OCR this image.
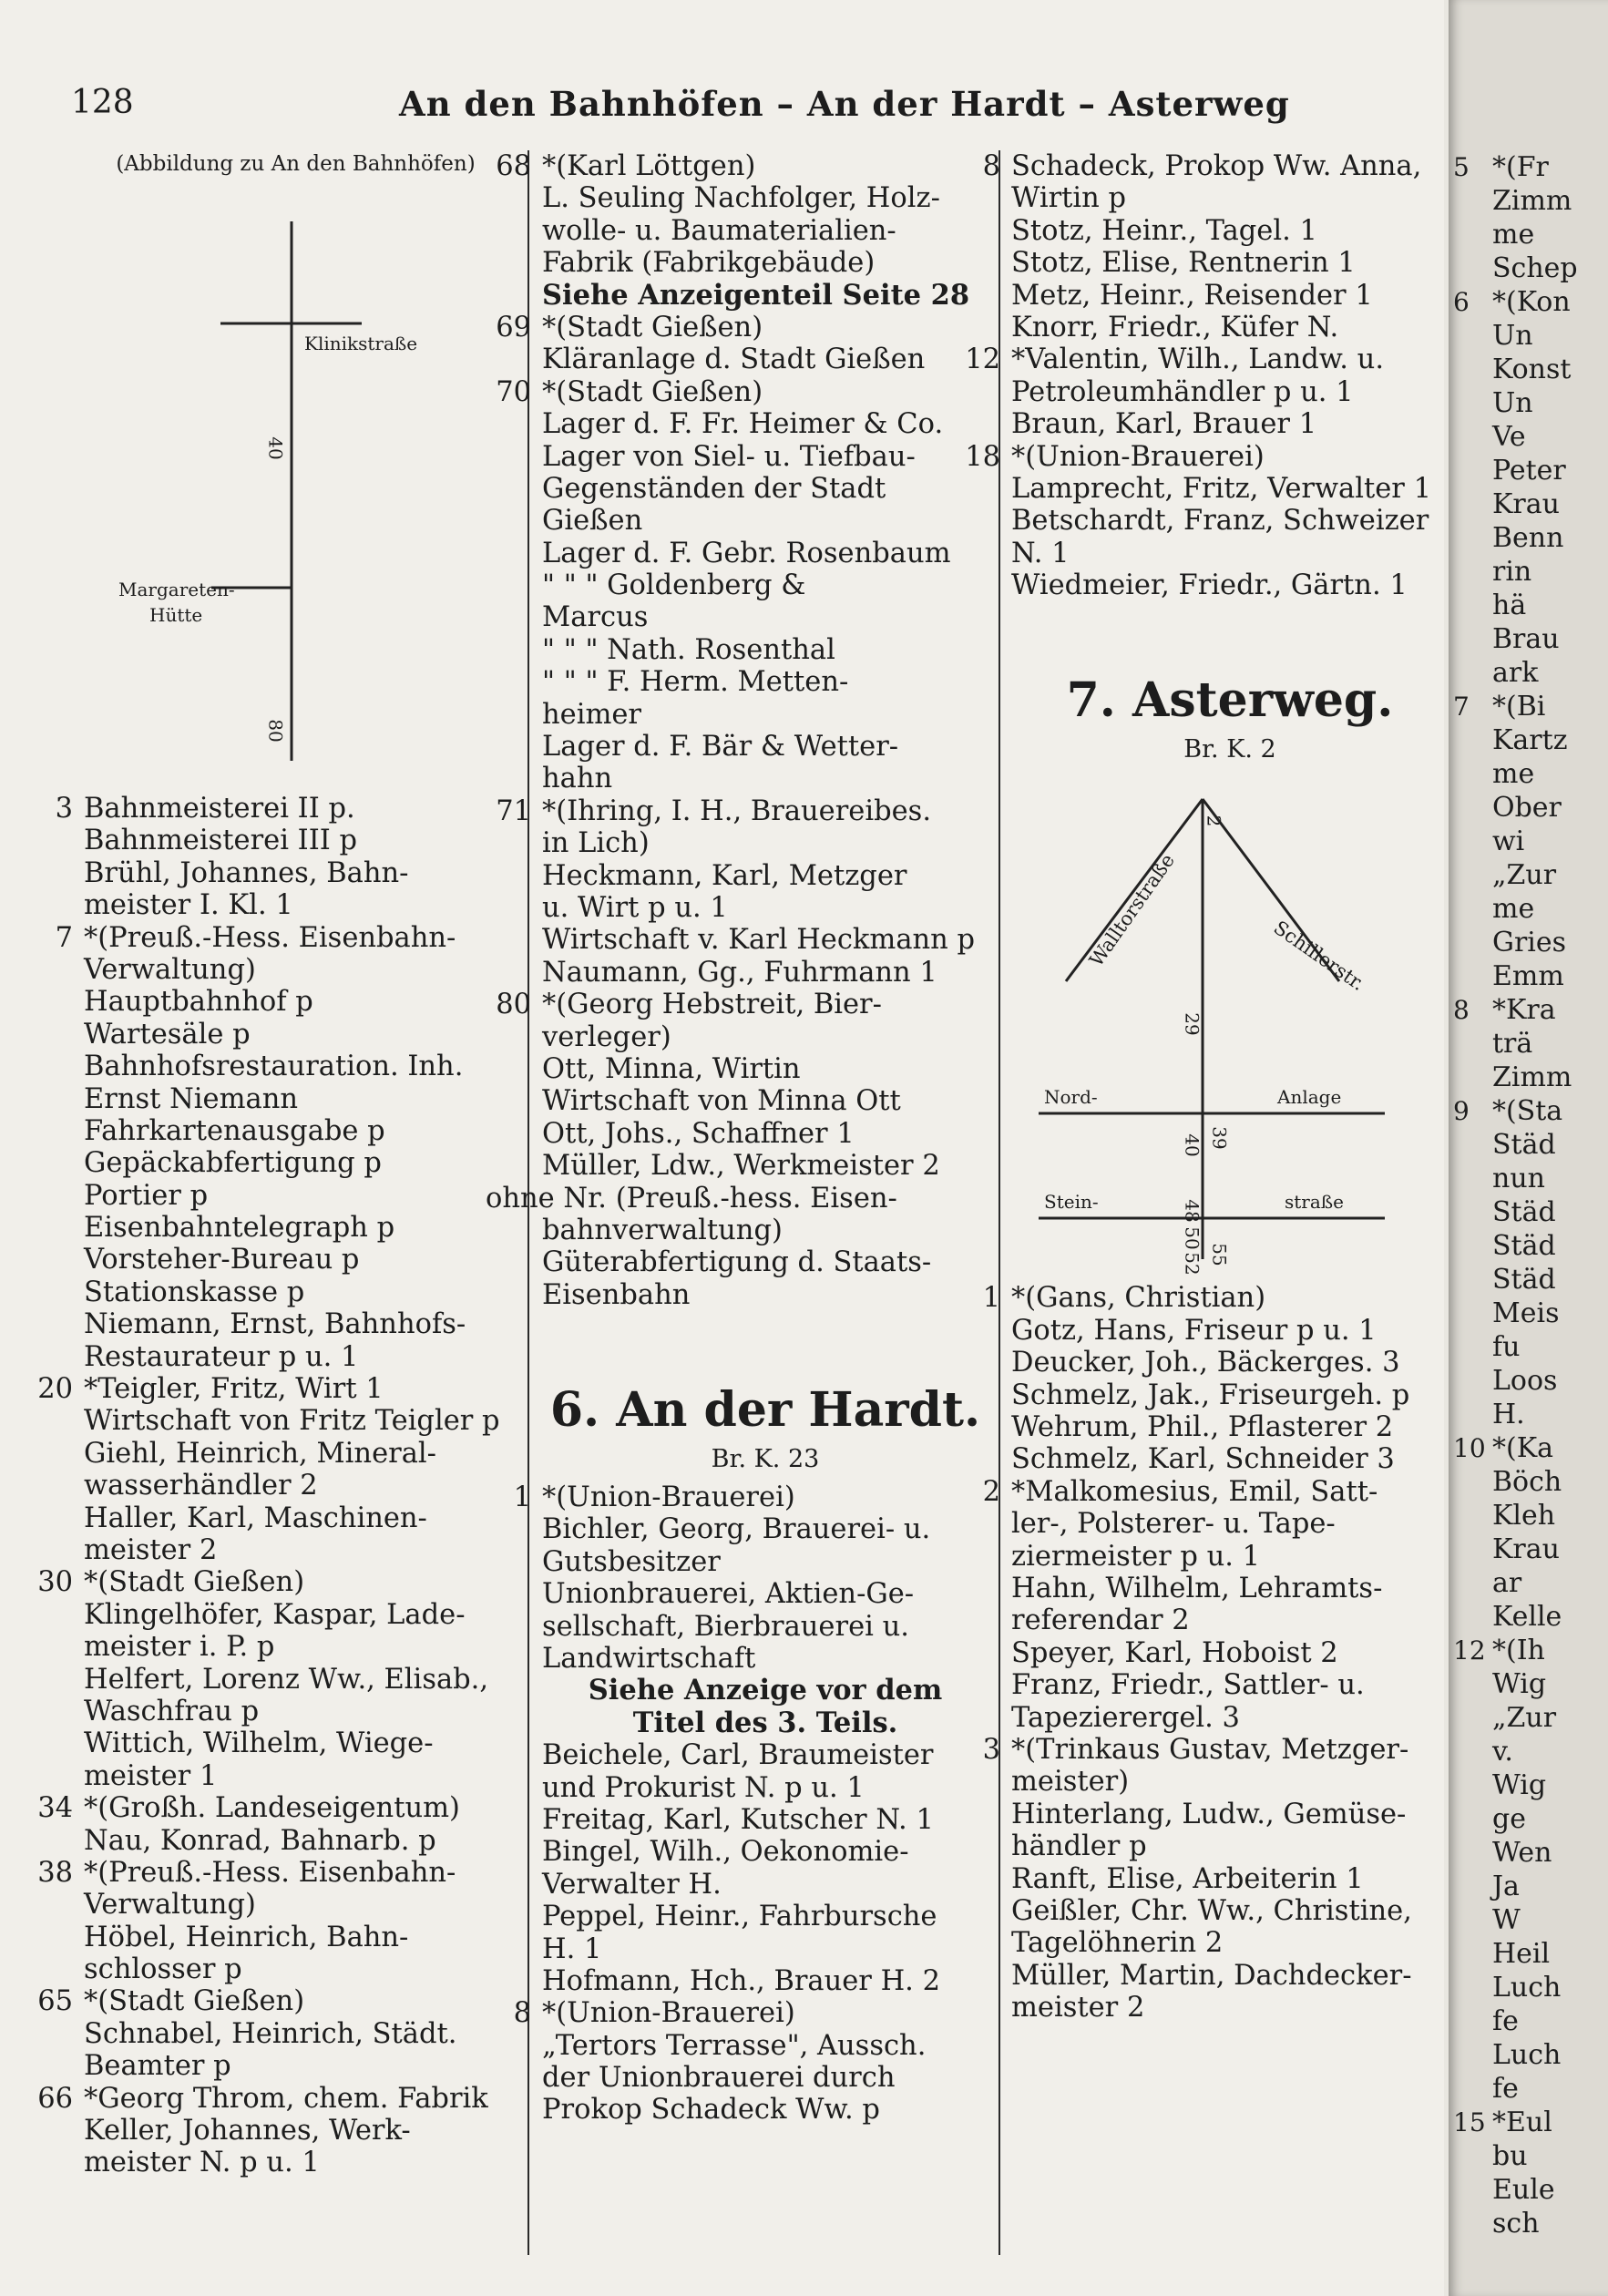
128	An den Bahnhöfen – An der Hardt – Asterweg
(Abbildung zu An den Bahnhöfen)
Klinikstraße
40
Margareten-
Hütte
80
3 Bahnmeisterei II p.
Bahnmeisterei III p
Brühl, Johannes, Bahn-
meister I. Kl. 1
7 *(Preuß.-Hess. Eisenbahn-
Verwaltung)
Hauptbahnhof p
Wartesäle p
Bahnhofsrestauration. Inh.
Ernst Niemann
Fahrkartenausgabe p
Gepäckabfertigung p
Portier p
Eisenbahntelegraph p
Vorsteher-Bureau p
Stationskasse p
Niemann, Ernst, Bahnhofs-
Restaurateur p u. 1
20 *Teigler, Fritz, Wirt 1
Wirtschaft von Fritz Teigler p
Giehl, Heinrich, Mineral-
wasserhändler 2
Haller, Karl, Maschinen-
meister 2
30 *(Stadt Gießen)
Klingelhöfer, Kaspar, Lade-
meister i. P. p
Helfert, Lorenz Ww., Elisab.,
Waschfrau p
Wittich, Wilhelm, Wiege-
meister 1
34 *(Großh. Landeseigentum)
Nau, Konrad, Bahnarb. p
38 *(Preuß.-Hess. Eisenbahn-
Verwaltung)
Höbel, Heinrich, Bahn-
schlosser p
65 *(Stadt Gießen)
Schnabel, Heinrich, Städt.
Beamter p
66 *Georg Throm, chem. Fabrik
Keller, Johannes, Werk-
meister N. p u. 1
68 *(Karl Löttgen)
L. Seuling Nachfolger, Holz-
wolle- u. Baumaterialien-
Fabrik (Fabrikgebäude)
Siehe Anzeigenteil Seite 28
69 *(Stadt Gießen)
Kläranlage d. Stadt Gießen
70 *(Stadt Gießen)
Lager d. F. Fr. Heimer & Co.
Lager von Siel- u. Tiefbau-
Gegenständen der Stadt
Gießen
Lager d. F. Gebr. Rosenbaum
" " " Goldenberg &
Marcus
" " " Nath. Rosenthal
" " " F. Herm. Metten-
heimer
Lager d. F. Bär & Wetter-
hahn
71 *(Ihring, I. H., Brauereibes.
in Lich)
Heckmann, Karl, Metzger
u. Wirt p u. 1
Wirtschaft v. Karl Heckmann p
Naumann, Gg., Fuhrmann 1
80 *(Georg Hebstreit, Bier-
verleger)
Ott, Minna, Wirtin
Wirtschaft von Minna Ott
Ott, Johs., Schaffner 1
Müller, Ldw., Werkmeister 2
ohne Nr. (Preuß.-hess. Eisen-
bahnverwaltung)
Güterabfertigung d. Staats-
Eisenbahn
6. An der Hardt.
Br. K. 23
1 *(Union-Brauerei)
Bichler, Georg, Brauerei- u.
Gutsbesitzer
Unionbrauerei, Aktien-Ge-
sellschaft, Bierbrauerei u.
Landwirtschaft
Siehe Anzeige vor dem
Titel des 3. Teils.
Beichele, Carl, Braumeister
und Prokurist N. p u. 1
Freitag, Karl, Kutscher N. 1
Bingel, Wilh., Oekonomie-
Verwalter H.
Peppel, Heinr., Fahrbursche
H. 1
Hofmann, Hch., Brauer H. 2
8 *(Union-Brauerei)
„Tertors Terrasse", Aussch.
der Unionbrauerei durch
Prokop Schadeck Ww. p
8 Schadeck, Prokop Ww. Anna,
Wirtin p
Stotz, Heinr., Tagel. 1
Stotz, Elise, Rentnerin 1
Metz, Heinr., Reisender 1
Knorr, Friedr., Küfer N.
12 *Valentin, Wilh., Landw. u.
Petroleumhändler p u. 1
Braun, Karl, Brauer 1
18 *(Union-Brauerei)
Lamprecht, Fritz, Verwalter 1
Betschardt, Franz, Schweizer
N. 1
Wiedmeier, Friedr., Gärtn. 1
7. Asterweg.
Br. K. 2
Walltorstraße	Schillerstr.
Nord-	Anlage
Stein-	straße
2
29
40 39
48
50
52 55
1 *(Gans, Christian)
Gotz, Hans, Friseur p u. 1
Deucker, Joh., Bäckerges. 3
Schmelz, Jak., Friseurgeh. p
Wehrum, Phil., Pflasterer 2
Schmelz, Karl, Schneider 3
2 *Malkomesius, Emil, Satt-
ler-, Polsterer- u. Tape-
ziermeister p u. 1
Hahn, Wilhelm, Lehramts-
referendar 2
Speyer, Karl, Hoboist 2
Franz, Friedr., Sattler- u.
Tapezierergel. 3
3 *(Trinkaus Gustav, Metzger-
meister)
Hinterlang, Ludw., Gemüse-
händler p
Ranft, Elise, Arbeiterin 1
Geißler, Chr. Ww., Christine,
Tagelöhnerin 2
Müller, Martin, Dachdecker-
meister 2
5 *(Fr
Zimm
me
Schep
6 *(Kon
Un
Konst
Un
Ve
Peter
Krau
Benn
rin
hä
Brau
ark
7 *(Bi
Kartz
me
Ober
wi
„Zur
me
Gries
Emm
8 *Kra
trä
Zimm
9 *(Sta
Städ
nun
Städ
Städ
Städ
Meis
fu
Loos
H.
10 *(Ka
Böch
Kleh
Krau
ar
Kelle
12 *(Ih
Wig
„Zur
v.
Wig
ge
Wen
Ja
W
Heil
Luch
fe
Luch
fe
15 *Eul
bu
Eule
sch
